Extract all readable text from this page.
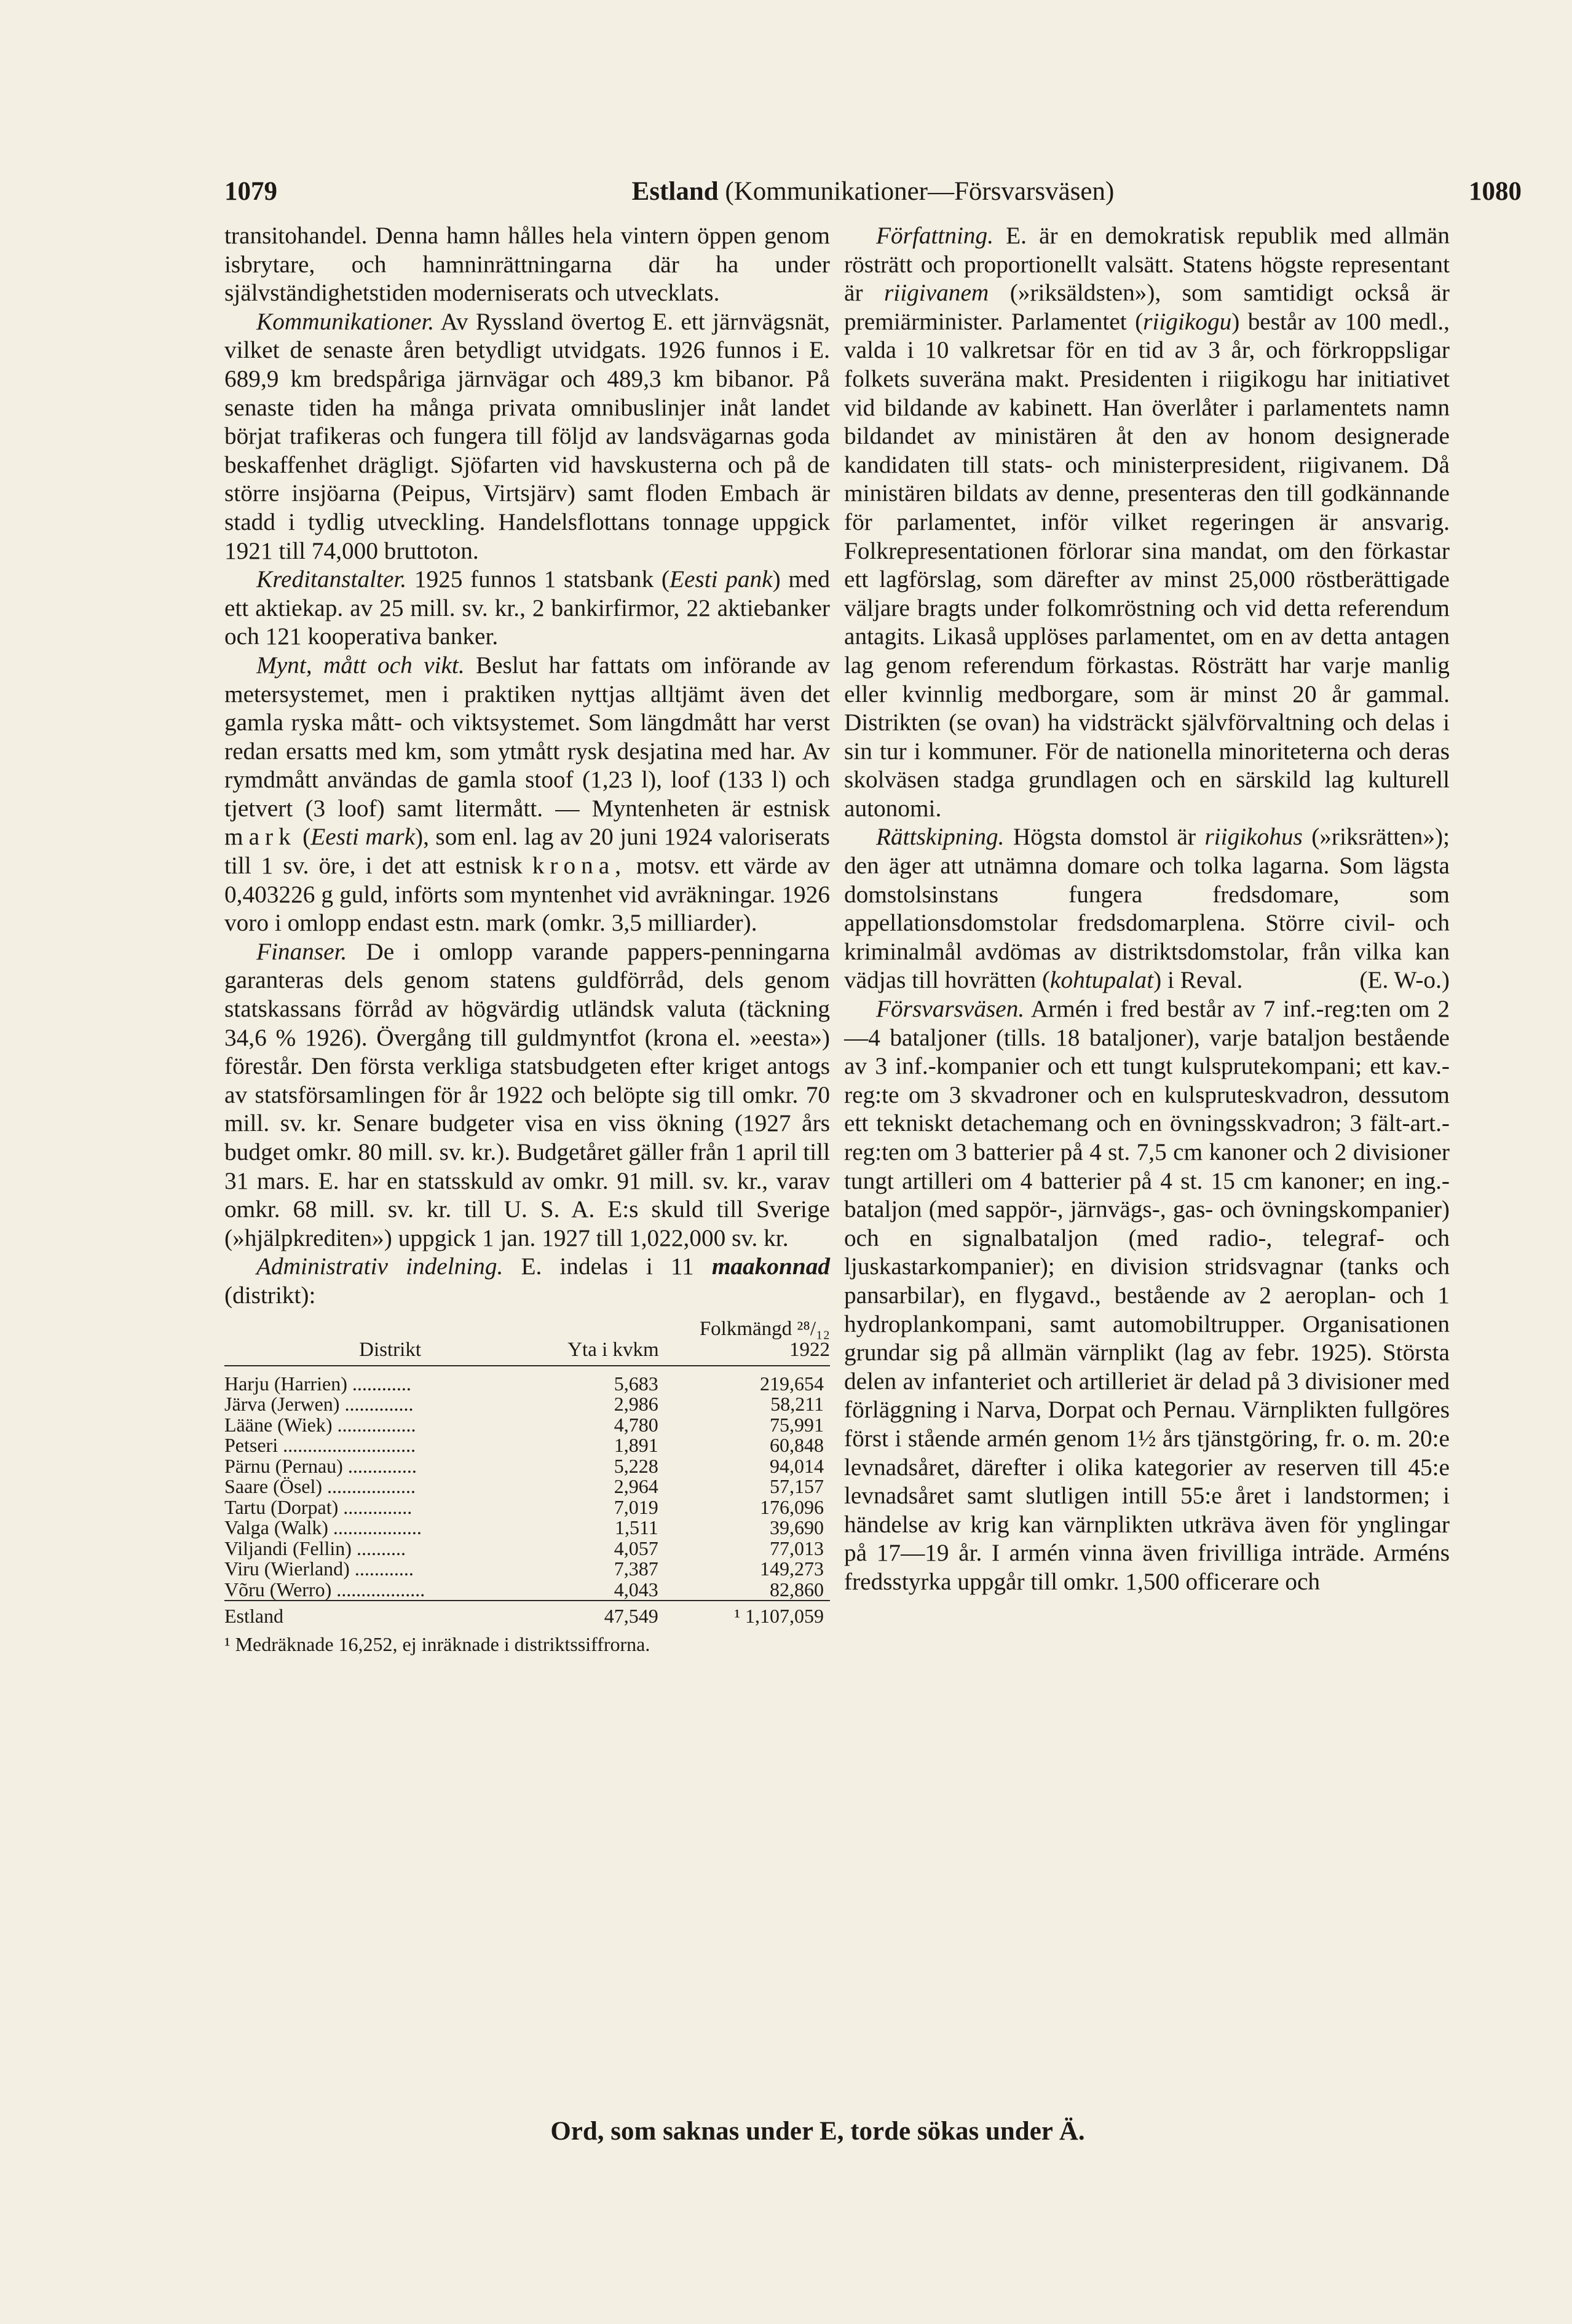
1079	Estland (Kommunikationer—Försvarsväsen)	1080

transitohandel. Denna hamn hålles hela vintern öppen genom isbrytare, och hamninrättningarna där ha under självständighetstiden moderniserats och utvecklats.

Kommunikationer. Av Ryssland övertog E. ett järnvägsnät, vilket de senaste åren betydligt utvidgats. 1926 funnos i E. 689,9 km bredspåriga järnvägar och 489,3 km bibanor. På senaste tiden ha många privata omnibuslinjer inåt landet börjat trafikeras och fungera till följd av landsvägarnas goda beskaffenhet drägligt. Sjöfarten vid havskusterna och på de större insjöarna (Peipus, Virtsjärv) samt floden Embach är stadd i tydlig utveckling. Handelsflottans tonnage uppgick 1921 till 74,000 bruttoton.

Kreditanstalter. 1925 funnos 1 statsbank (Eesti pank) med ett aktiekap. av 25 mill. sv. kr., 2 bankirfirmor, 22 aktiebanker och 121 kooperativa banker.

Mynt, mått och vikt. Beslut har fattats om införande av metersystemet, men i praktiken nyttjas alltjämt även det gamla ryska mått- och viktsystemet. Som längdmått har verst redan ersatts med km, som ytmått rysk desjatina med har. Av rymdmått användas de gamla stoof (1,23 l), loof (133 l) och tjetvert (3 loof) samt litermått. — Myntenheten är estnisk mark (Eesti mark), som enl. lag av 20 juni 1924 valoriserats till 1 sv. öre, i det att estnisk krona, motsv. ett värde av 0,403226 g guld, införts som myntenhet vid avräkningar. 1926 voro i omlopp endast estn. mark (omkr. 3,5 milliarder).

Finanser. De i omlopp varande pappers-penningarna garanteras dels genom statens guldförråd, dels genom statskassans förråd av högvärdig utländsk valuta (täckning 34,6 % 1926). Övergång till guldmyntfot (krona el. »eesta») förestår. Den första verkliga statsbudgeten efter kriget antogs av statsförsamlingen för år 1922 och belöpte sig till omkr. 70 mill. sv. kr. Senare budgeter visa en viss ökning (1927 års budget omkr. 80 mill. sv. kr.). Budgetåret gäller från 1 april till 31 mars. E. har en statsskuld av omkr. 91 mill. sv. kr., varav omkr. 68 mill. sv. kr. till U. S. A. E:s skuld till Sverige (»hjälpkrediten») uppgick 1 jan. 1927 till 1,022,000 sv. kr.

Administrativ indelning. E. indelas i 11 maakonnad (distrikt):

Distrikt	Yta i kvkm	Folkmängd ²⁸/₁₂ 1922
Harju (Harrien) ............	5,683	219,654
Järva (Jerwen) ..............	2,986	58,211
Lääne (Wiek) ................	4,780	75,991
Petseri ...........................	1,891	60,848
Pärnu (Pernau) ..............	5,228	94,014
Saare (Ösel) ..................	2,964	57,157
Tartu (Dorpat) ..............	7,019	176,096
Valga (Walk) ..................	1,511	39,690
Viljandi (Fellin) ..........	4,057	77,013
Viru (Wierland) ............	7,387	149,273
Võru (Werro) ..................	4,043	82,860
Estland	47,549	¹ 1,107,059
¹ Medräknade 16,252, ej inräknade i distriktssiffrorna.

Författning. E. är en demokratisk republik med allmän rösträtt och proportionellt valsätt. Statens högste representant är riigivanem (»riksäldsten»), som samtidigt också är premiärminister. Parlamentet (riigikogu) består av 100 medl., valda i 10 valkretsar för en tid av 3 år, och förkroppsligar folkets suveräna makt. Presidenten i riigikogu har initiativet vid bildande av kabinett. Han överlåter i parlamentets namn bildandet av ministären åt den av honom designerade kandidaten till stats- och ministerpresident, riigivanem. Då ministären bildats av denne, presenteras den till godkännande för parlamentet, inför vilket regeringen är ansvarig. Folkrepresentationen förlorar sina mandat, om den förkastar ett lagförslag, som därefter av minst 25,000 röstberättigade väljare bragts under folkomröstning och vid detta referendum antagits. Likaså upplöses parlamentet, om en av detta antagen lag genom referendum förkastas. Rösträtt har varje manlig eller kvinnlig medborgare, som är minst 20 år gammal. Distrikten (se ovan) ha vidsträckt självförvaltning och delas i sin tur i kommuner. För de nationella minoriteterna och deras skolväsen stadga grundlagen och en särskild lag kulturell autonomi.

Rättskipning. Högsta domstol är riigikohus (»riksrätten»); den äger att utnämna domare och tolka lagarna. Som lägsta domstolsinstans fungera fredsdomare, som appellationsdomstolar fredsdomarplena. Större civil- och kriminalmål avdömas av distriktsdomstolar, från vilka kan vädjas till hovrätten (kohtupalat) i Reval.	(E. W-o.)

Försvarsväsen. Armén i fred består av 7 inf.-reg:ten om 2—4 bataljoner (tills. 18 bataljoner), varje bataljon bestående av 3 inf.-kompanier och ett tungt kulsprutekompani; ett kav.-reg:te om 3 skvadroner och en kulspruteskvadron, dessutom ett tekniskt detachemang och en övningsskvadron; 3 fält-art.-reg:ten om 3 batterier på 4 st. 7,5 cm kanoner och 2 divisioner tungt artilleri om 4 batterier på 4 st. 15 cm kanoner; en ing.-bataljon (med sappör-, järnvägs-, gas- och övningskompanier) och en signalbataljon (med radio-, telegraf- och ljuskastarkompanier); en division stridsvagnar (tanks och pansarbilar), en flygavd., bestående av 2 aeroplan- och 1 hydroplankompani, samt automobiltrupper. Organisationen grundar sig på allmän värnplikt (lag av febr. 1925). Största delen av infanteriet och artilleriet är delad på 3 divisioner med förläggning i Narva, Dorpat och Pernau. Värnplikten fullgöres först i stående armén genom 1½ års tjänstgöring, fr. o. m. 20:e levnadsåret, därefter i olika kategorier av reserven till 45:e levnadsåret samt slutligen intill 55:e året i landstormen; i händelse av krig kan värnplikten utkräva även för ynglingar på 17—19 år. I armén vinna även frivilliga inträde. Arméns fredsstyrka uppgår till omkr. 1,500 officerare och

Ord, som saknas under E, torde sökas under Ä.
